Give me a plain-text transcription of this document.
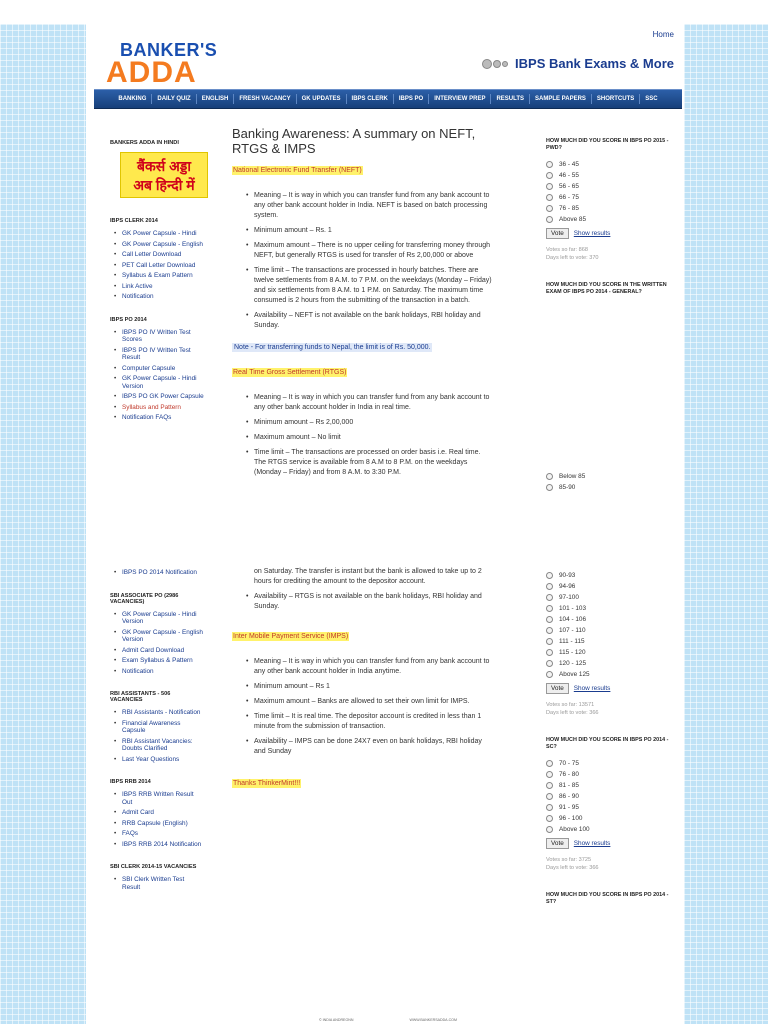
Home
BANKER'S
ADDA	IBPS Bank Exams & More
BANKING	DAILY QUIZ	ENGLISH	FRESH VACANCY	GK UPDATES	IBPS CLERK	IBPS PO	INTERVIEW PREP	RESULTS	SAMPLE PAPERS	SHORTCUTS	SSC
BANKERS ADDA IN HINDI
बैंकर्स अड्डा
अब हिन्दी में
IBPS CLERK 2014
• GK Power Capsule - Hindi
• GK Power Capsule - English
• Call Letter Download
• PET Call Letter Download
• Syllabus & Exam Pattern
• Link Active
• Notification
IBPS PO 2014
• IBPS PO IV Written Test Scores
• IBPS PO IV Written Test Result
• Computer Capsule
• GK Power Capsule - Hindi Version
• IBPS PO GK Power Capsule
• Syllabus and Pattern
• Notification FAQs
Banking Awareness: A summary on NEFT, RTGS & IMPS
National Electronic Fund Transfer (NEFT)
• Meaning – It is way in which you can transfer fund from any bank account to any other bank account holder in India. NEFT is based on batch processing system.
• Minimum amount – Rs. 1
• Maximum amount – There is no upper ceiling for transferring money through NEFT, but generally RTGS is used for transfer of Rs 2,00,000 or above
• Time limit – The transactions are processed in hourly batches. There are twelve settlements from 8 A.M. to 7 P.M. on the weekdays (Monday – Friday) and six settlements from 8 A.M. to 1 P.M. on Saturday. The maximum time consumed is 2 hours from the submitting of the transaction in a batch.
• Availability – NEFT is not available on the bank holidays, RBI holiday and Sunday.
Note - For transferring funds to Nepal, the limit is of Rs. 50,000.
Real Time Gross Settlement (RTGS)
• Meaning – It is way in which you can transfer fund from any bank account to any other bank account holder in India in real time.
• Minimum amount – Rs 2,00,000
• Maximum amount – No limit
• Time limit – The transactions are processed on order basis i.e. Real time. The RTGS service is available from 8 A.M to 8 P.M. on the weekdays (Monday – Friday) and from 8 A.M. to 3:30 P.M.
HOW MUCH DID YOU SCORE IN IBPS PO 2015 - PWD?
36 - 45
46 - 55
56 - 65
66 - 75
76 - 85
Above 85
Vote	Show results
Votes so far: 868
Days left to vote: 370
HOW MUCH DID YOU SCORE IN THE WRITTEN EXAM OF IBPS PO 2014 - GENERAL?
Below 85
85-90
• IBPS PO 2014 Notification
SBI ASSOCIATE PO (2986 VACANCIES)
• GK Power Capsule - Hindi Version
• GK Power Capsule - English Version
• Admit Card Download
• Exam Syllabus & Pattern
• Notification
RBI ASSISTANTS - 506 VACANCIES
• RBI Assistants - Notification
• Financial Awareness Capsule
• RBI Assistant Vacancies: Doubts Clarified
• Last Year Questions
IBPS RRB 2014
• IBPS RRB Written Result Out
• Admit Card
• RRB Capsule (English)
• FAQs
• IBPS RRB 2014 Notification
SBI CLERK 2014-15 VACANCIES
• SBI Clerk Written Test Result
on Saturday. The transfer is instant but the bank is allowed to take up to 2 hours for crediting the amount to the depositor account.
• Availability – RTGS is not available on the bank holidays, RBI holiday and Sunday.
Inter Mobile Payment Service (IMPS)
• Meaning – It is way in which you can transfer fund from any bank account to any other bank account holder in India anytime.
• Minimum amount – Rs 1
• Maximum amount – Banks are allowed to set their own limit for IMPS.
• Time limit – It is real time. The depositor account is credited in less than 1 minute from the submission of transaction.
• Availability – IMPS can be done 24X7 even on bank holidays, RBI holiday and Sunday
Thanks ThinkerMint!!!
90-93
94-96
97-100
101 - 103
104 - 106
107 - 110
111 - 115
115 - 120
120 - 125
Above 125
Vote	Show results
Votes so far: 13571
Days left to vote: 366
HOW MUCH DID YOU SCORE IN IBPS PO 2014 - SC?
70 - 75
76 - 80
81 - 85
86 - 90
91 - 95
96 - 100
Above 100
Vote	Show results
Votes so far: 3725
Days left to vote: 366
HOW MUCH DID YOU SCORE IN IBPS PO 2014 - ST?
© INDIA ANDREONN	WWW.BANKERSADDA.COM
